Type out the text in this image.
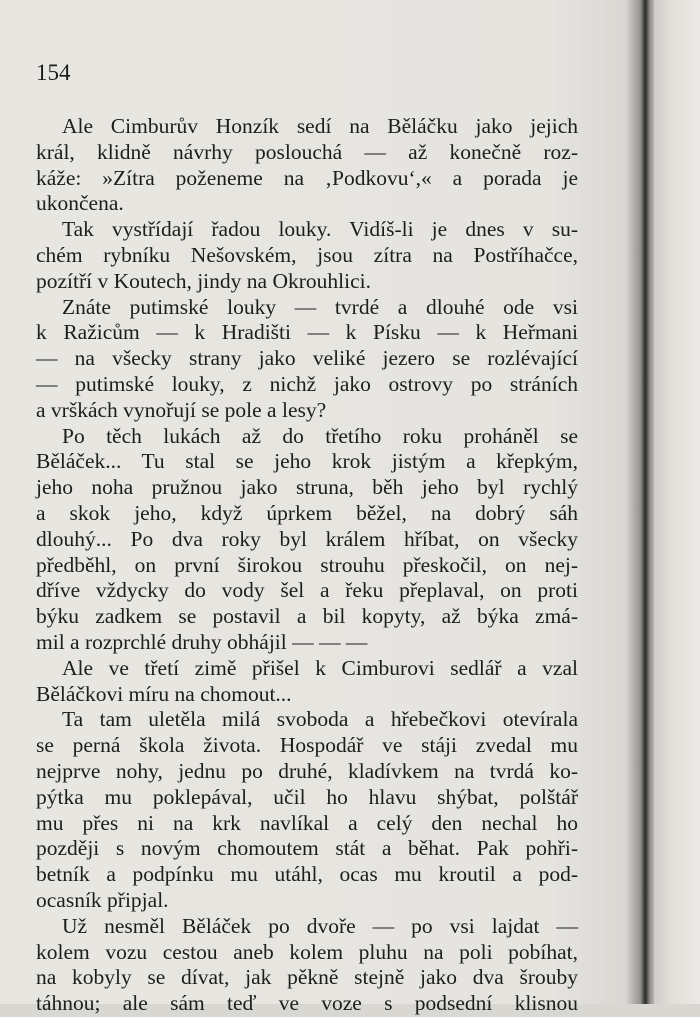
154
Ale Cimburův Honzík sedí na Běláčku jako jejich
král, klidně návrhy poslouchá — až konečně roz-
káže: »Zítra poženeme na ‚Podkovu‘,« a porada je
ukončena.
Tak vystřídají řadou louky. Vidíš-li je dnes v su-
chém rybníku Nešovském, jsou zítra na Postříhačce,
pozítří v Koutech, jindy na Okrouhlici.
Znáte putimské louky — tvrdé a dlouhé ode vsi
k Ražicům — k Hradišti — k Písku — k Heřmani
— na všecky strany jako veliké jezero se rozlévající
— putimské louky, z nichž jako ostrovy po stráních
a vrškách vynořují se pole a lesy?
Po těch lukách až do třetího roku proháněl se
Běláček... Tu stal se jeho krok jistým a křepkým,
jeho noha pružnou jako struna, běh jeho byl rychlý
a skok jeho, když úprkem běžel, na dobrý sáh
dlouhý... Po dva roky byl králem hříbat, on všecky
předběhl, on první širokou strouhu přeskočil, on nej-
dříve vždycky do vody šel a řeku přeplaval, on proti
býku zadkem se postavil a bil kopyty, až býka zmá-
mil a rozprchlé druhy obhájil — — —
Ale ve třetí zimě přišel k Cimburovi sedlář a vzal
Běláčkovi míru na chomout...
Ta tam uletěla milá svoboda a hřebečkovi otevírala
se perná škola života. Hospodář ve stáji zvedal mu
nejprve nohy, jednu po druhé, kladívkem na tvrdá ko-
pýtka mu poklepával, učil ho hlavu shýbat, polštář
mu přes ni na krk navlíkal a celý den nechal ho
později s novým chomoutem stát a běhat. Pak pohři-
betník a podpínku mu utáhl, ocas mu kroutil a pod-
ocasník připjal.
Už nesměl Běláček po dvoře — po vsi lajdat —
kolem vozu cestou aneb kolem pluhu na poli pobíhat,
na kobyly se dívat, jak pěkně stejně jako dva šrouby
táhnou; ale sám teď ve voze s podsední klisnou
